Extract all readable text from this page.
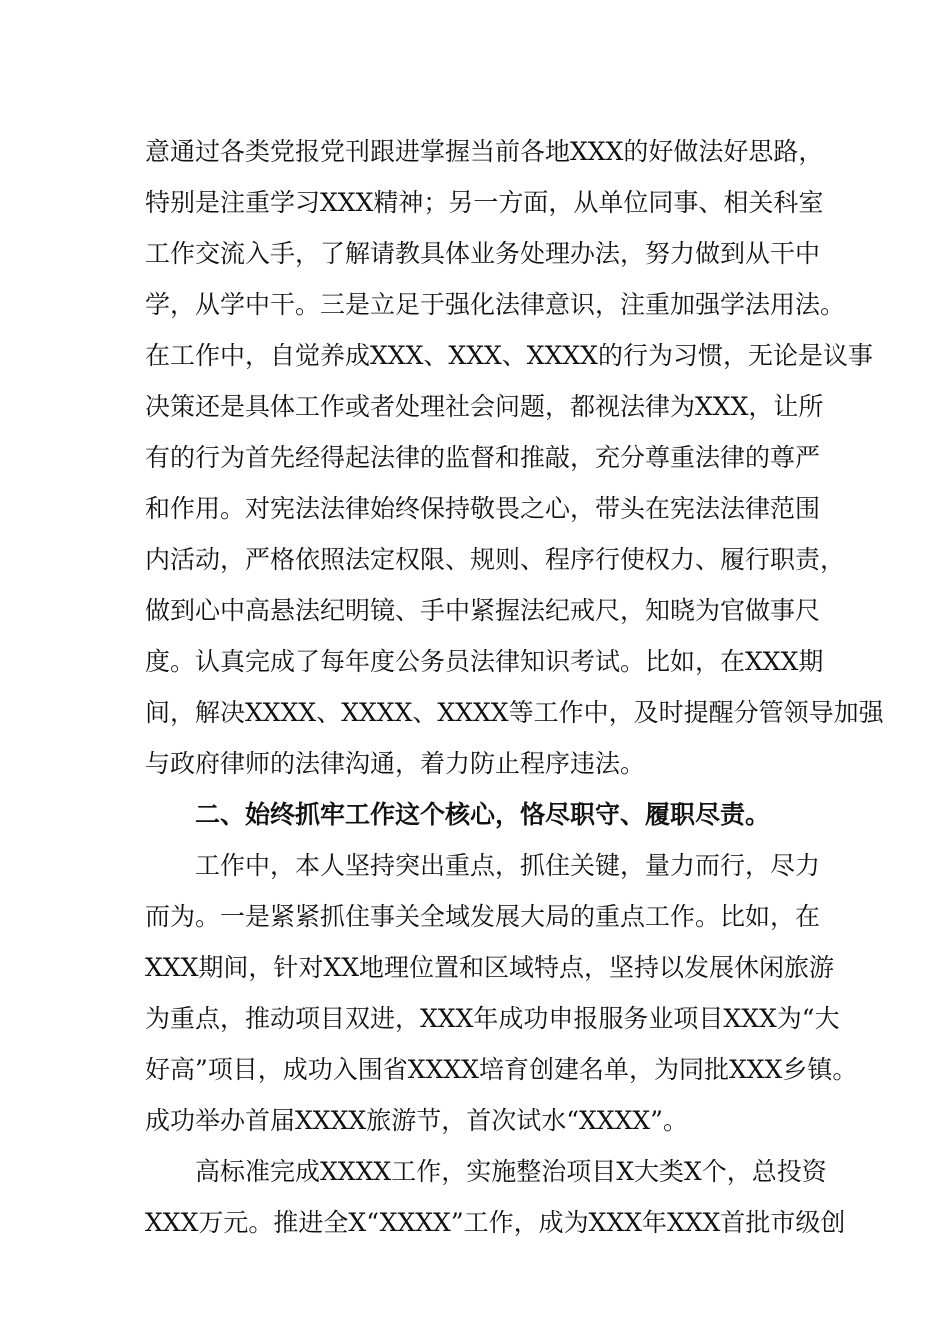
意通过各类党报党刊跟进掌握当前各地XXX的好做法好思路，
特别是注重学习XXX精神；另一方面，从单位同事、相关科室
工作交流入手，了解请教具体业务处理办法，努力做到从干中
学，从学中干。三是立足于强化法律意识，注重加强学法用法。
在工作中，自觉养成XXX、XXX、XXXX的行为习惯，无论是议事
决策还是具体工作或者处理社会问题，都视法律为XXX，让所
有的行为首先经得起法律的监督和推敲，充分尊重法律的尊严
和作用。对宪法法律始终保持敬畏之心，带头在宪法法律范围
内活动，严格依照法定权限、规则、程序行使权力、履行职责，
做到心中高悬法纪明镜、手中紧握法纪戒尺，知晓为官做事尺
度。认真完成了每年度公务员法律知识考试。比如，在XXX期
间，解决XXXX、XXXX、XXXX等工作中，及时提醒分管领导加强
与政府律师的法律沟通，着力防止程序违法。
二、始终抓牢工作这个核心，恪尽职守、履职尽责。
工作中，本人坚持突出重点，抓住关键，量力而行，尽力
而为。一是紧紧抓住事关全域发展大局的重点工作。比如，在
XXX期间，针对XX地理位置和区域特点，坚持以发展休闲旅游
为重点，推动项目双进，XXX年成功申报服务业项目XXX为“大
好高”项目，成功入围省XXXX培育创建名单，为同批XXX乡镇。
成功举办首届XXXX旅游节，首次试水“XXXX”。
高标准完成XXXX工作，实施整治项目X大类X个，总投资
XXX万元。推进全X“XXXX”工作，成为XXX年XXX首批市级创
